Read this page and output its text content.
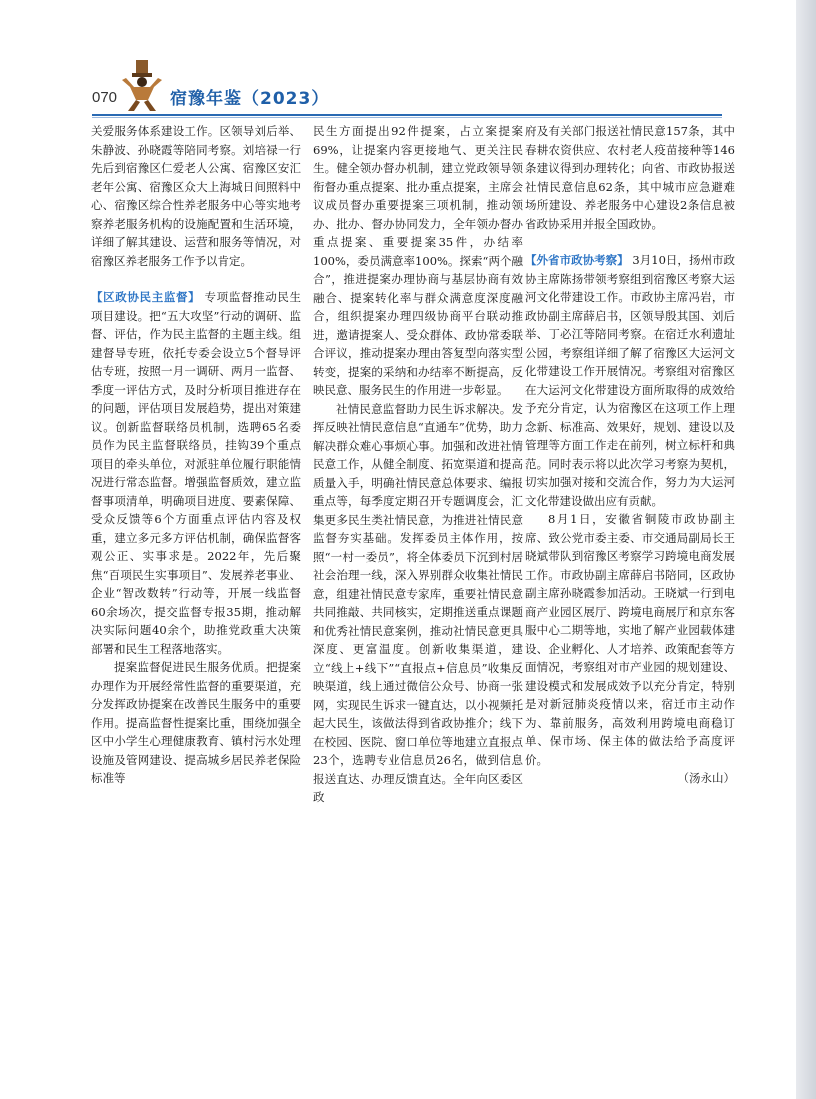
070	宿豫年鉴（2023）

关爱服务体系建设工作。区领导刘后举、朱静波、孙晓霞等陪同考察。刘培禄一行先后到宿豫区仁爱老人公寓、宿豫区安汇老年公寓、宿豫区众大上海城日间照料中心、宿豫区综合性养老服务中心等实地考察养老服务机构的设施配置和生活环境，详细了解其建设、运营和服务等情况，对宿豫区养老服务工作予以肯定。

【区政协民主监督】 专项监督推动民生项目建设。把“五大攻坚”行动的调研、监督、评估，作为民主监督的主题主线。组建督导专班，依托专委会设立5个督导评估专班，按照一月一调研、两月一监督、季度一评估方式，及时分析项目推进存在的问题，评估项目发展趋势，提出对策建议。创新监督联络员机制，选聘65名委员作为民主监督联络员，挂钩39个重点项目的牵头单位，对派驻单位履行职能情况进行常态监督。增强监督质效，建立监督事项清单，明确项目进度、要素保障、受众反馈等6个方面重点评估内容及权重，建立多元多方评估机制，确保监督客观公正、实事求是。2022年，先后聚焦“百项民生实事项目”、发展养老事业、企业“智改数转”行动等，开展一线监督60余场次，提交监督专报35期，推动解决实际问题40余个，助推党政重大决策部署和民生工程落地落实。

提案监督促进民生服务优质。把提案办理作为开展经常性监督的重要渠道，充分发挥政协提案在改善民生服务中的重要作用。提高监督性提案比重，围绕加强全区中小学生心理健康教育、镇村污水处理设施及管网建设、提高城乡居民养老保险标准等

民生方面提出92件提案，占立案提案69%，让提案内容更接地气、更关注民生。健全领办督办机制，建立党政领导领衔督办重点提案、批办重点提案，主席会议成员督办重要提案三项机制，推动领办、批办、督办协同发力，全年领办督办重点提案、重要提案35件，办结率100%，委员满意率100%。探索“两个融合”，推进提案办理协商与基层协商有效融合、提案转化率与群众满意度深度融合，组织提案办理四级协商平台联动推进，邀请提案人、受众群体、政协常委联合评议，推动提案办理由答复型向落实型转变，提案的采纳和办结率不断提高，反映民意、服务民生的作用进一步彰显。

社情民意监督助力民生诉求解决。发挥反映社情民意信息“直通车”优势，助力解决群众难心事烦心事。加强和改进社情民意工作，从健全制度、拓宽渠道和提高质量入手，明确社情民意总体要求、编报重点等，每季度定期召开专题调度会，汇集更多民生类社情民意，为推进社情民意监督夯实基础。发挥委员主体作用，按照“一村一委员”，将全体委员下沉到村居社会治理一线，深入界别群众收集社情民意，组建社情民意专家库，重要社情民意共同推敲、共同核实，定期推送重点课题和优秀社情民意案例，推动社情民意更具深度、更富温度。创新收集渠道，建立“线上+线下”“直报点+信息员”收集反映渠道，线上通过微信公众号、协商一张网，实现民生诉求一键直达，以小视频托起大民生，该做法得到省政协推介；线下在校园、医院、窗口单位等地建立直报点23个，选聘专业信息员26名，做到信息报送直达、办理反馈直达。全年向区委区政

府及有关部门报送社情民意157条，其中春耕农资供应、农村老人疫苗接种等146条建议得到办理转化；向省、市政协报送社情民意信息62条，其中城市应急避难场所建设、养老服务中心建设2条信息被省政协采用并报全国政协。

【外省市政协考察】 3月10日，扬州市政协主席陈扬带领考察组到宿豫区考察大运河文化带建设工作。市政协主席冯岩，市政协副主席薛启书，区领导殷其国、刘后举、丁必江等陪同考察。在宿迁水利遗址公园，考察组详细了解了宿豫区大运河文化带建设工作开展情况。考察组对宿豫区在大运河文化带建设方面所取得的成效给予充分肯定，认为宿豫区在这项工作上理念新、标准高、效果好，规划、建设以及管理等方面工作走在前列，树立标杆和典范。同时表示将以此次学习考察为契机，切实加强对接和交流合作，努力为大运河文化带建设做出应有贡献。

8月1日，安徽省铜陵市政协副主席、致公党市委主委、市交通局副局长王晓斌带队到宿豫区考察学习跨境电商发展工作。市政协副主席薛启书陪同，区政协副主席孙晓霞参加活动。王晓斌一行到电商产业园区展厅、跨境电商展厅和京东客服中心二期等地，实地了解产业园载体建设、企业孵化、人才培养、政策配套等方面情况，考察组对市产业园的规划建设、建设模式和发展成效予以充分肯定，特别是对新冠肺炎疫情以来，宿迁市主动作为、靠前服务，高效利用跨境电商稳订单、保市场、保主体的做法给予高度评价。

（汤永山）
